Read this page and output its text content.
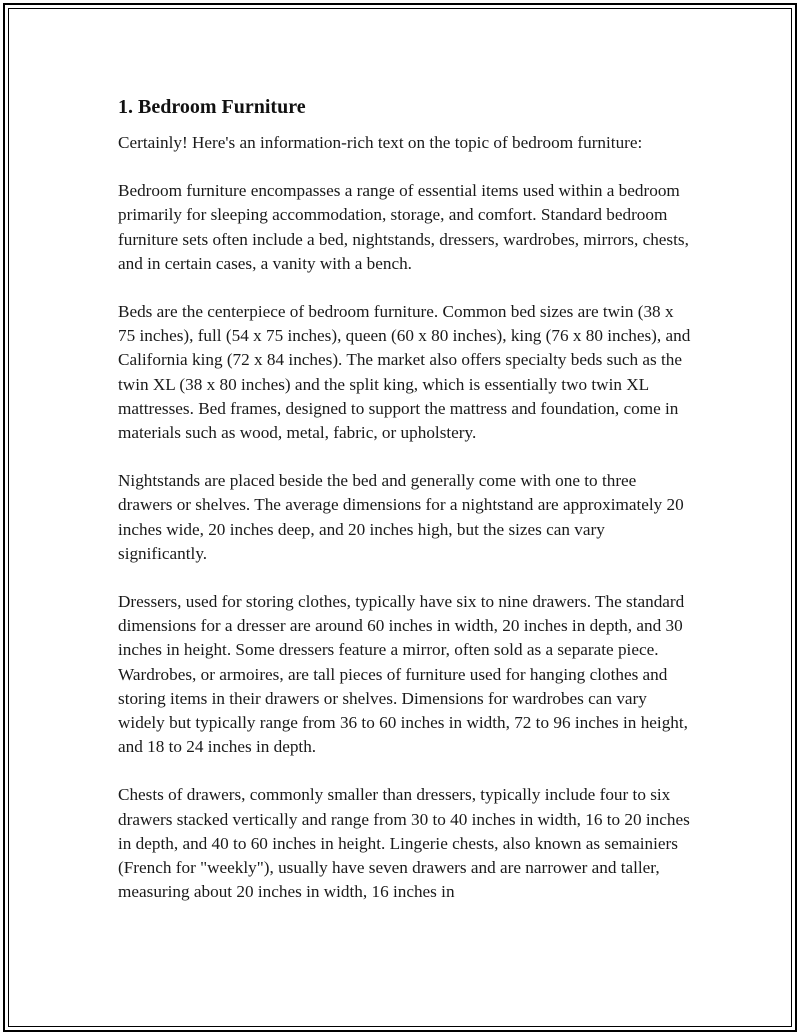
1. Bedroom Furniture

Certainly! Here's an information-rich text on the topic of bedroom furniture:

Bedroom furniture encompasses a range of essential items used within a bedroom primarily for sleeping accommodation, storage, and comfort. Standard bedroom furniture sets often include a bed, nightstands, dressers, wardrobes, mirrors, chests, and in certain cases, a vanity with a bench.

Beds are the centerpiece of bedroom furniture. Common bed sizes are twin (38 x 75 inches), full (54 x 75 inches), queen (60 x 80 inches), king (76 x 80 inches), and California king (72 x 84 inches). The market also offers specialty beds such as the twin XL (38 x 80 inches) and the split king, which is essentially two twin XL mattresses. Bed frames, designed to support the mattress and foundation, come in materials such as wood, metal, fabric, or upholstery.

Nightstands are placed beside the bed and generally come with one to three drawers or shelves. The average dimensions for a nightstand are approximately 20 inches wide, 20 inches deep, and 20 inches high, but the sizes can vary significantly.

Dressers, used for storing clothes, typically have six to nine drawers. The standard dimensions for a dresser are around 60 inches in width, 20 inches in depth, and 30 inches in height. Some dressers feature a mirror, often sold as a separate piece. Wardrobes, or armoires, are tall pieces of furniture used for hanging clothes and storing items in their drawers or shelves. Dimensions for wardrobes can vary widely but typically range from 36 to 60 inches in width, 72 to 96 inches in height, and 18 to 24 inches in depth.

Chests of drawers, commonly smaller than dressers, typically include four to six drawers stacked vertically and range from 30 to 40 inches in width, 16 to 20 inches in depth, and 40 to 60 inches in height. Lingerie chests, also known as semainiers (French for "weekly"), usually have seven drawers and are narrower and taller, measuring about 20 inches in width, 16 inches in
